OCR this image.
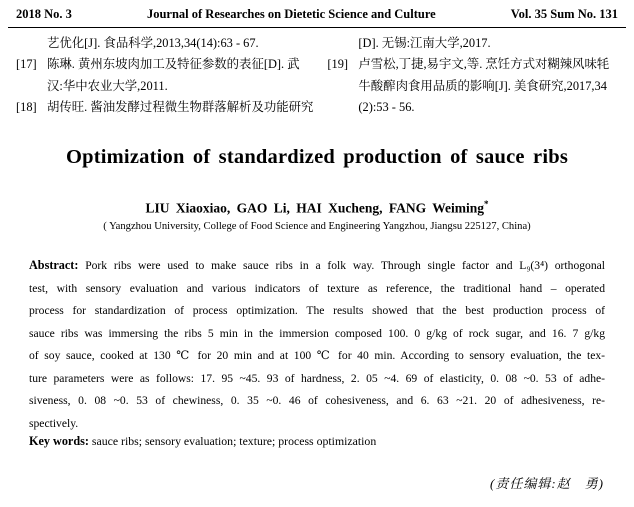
2018 No. 3	Journal of Researches on Dietetic Science and Culture	Vol. 35 Sum No. 131
艺优化[J]. 食品科学,2013,34(14):63 - 67.
[17] 陈琳. 黄州东坡肉加工及特征参数的表征[D]. 武
汉:华中农业大学,2011.
[18] 胡传旺. 酱油发酵过程微生物群落解析及功能研究
[D]. 无锡:江南大学,2017.
[19] 卢雪松,丁捷,易宇文,等. 烹饪方式对糊辣风味牦
牛酸醡肉食用品质的影响[J]. 美食研究,2017,34
(2):53 - 56.
Optimization of standardized production of sauce ribs
LIU Xiaoxiao, GAO Li, HAI Xucheng, FANG Weiming*
( Yangzhou University, College of Food Science and Engineering Yangzhou, Jiangsu 225127, China)
Abstract: Pork ribs were used to make sauce ribs in a folk way. Through single factor and L₉(3⁴) orthogonal
test, with sensory evaluation and various indicators of texture as reference, the traditional hand – operated
process for standardization of process optimization. The results showed that the best production process of
sauce ribs was immersing the ribs 5 min in the immersion composed 100. 0 g/kg of rock sugar, and 16. 7 g/kg
of soy sauce, cooked at 130 ℃ for 20 min and at 100 ℃ for 40 min. According to sensory evaluation, the tex-
ture parameters were as follows: 17. 95 ~45. 93 of hardness, 2. 05 ~4. 69 of elasticity, 0. 08 ~0. 53 of adhe-
siveness, 0. 08 ~0. 53 of chewiness, 0. 35 ~0. 46 of cohesiveness, and 6. 63 ~21. 20 of adhesiveness, re-
spectively.
Key words: sauce ribs; sensory evaluation; texture; process optimization
(责任编辑:赵　勇)
